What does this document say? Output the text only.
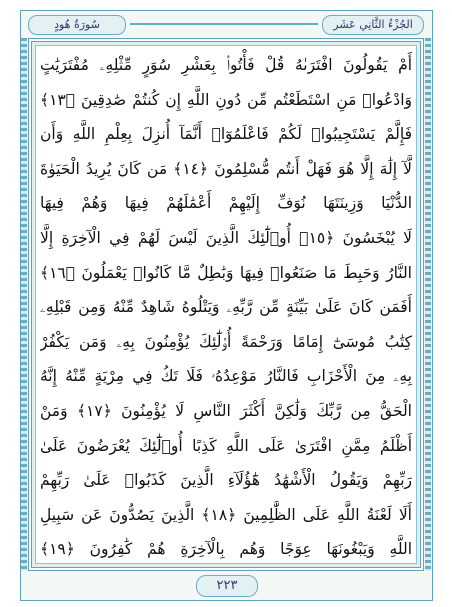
سُورَةُ هُودٍ	الجُزْءُ الثَّانِي عَشَر
أَمْ يَقُولُونَ افْتَرَىٰهُ قُلْ فَأْتُوا۟ بِعَشْرِ سُوَرٍ مِّثْلِهِۦ مُفْتَرَيَٰتٍ
وَادْعُوا۟ مَنِ اسْتَطَعْتُم مِّن دُونِ اللَّهِ إِن كُنتُمْ صَٰدِقِينَ ﴿١٣﴾
فَإِلَّمْ يَسْتَجِيبُوا۟ لَكُمْ فَاعْلَمُوٓا۟ أَنَّمَآ أُنزِلَ بِعِلْمِ اللَّهِ وَأَن
لَّآ إِلَٰهَ إِلَّا هُوَ فَهَلْ أَنتُم مُّسْلِمُونَ ﴿١٤﴾ مَن كَانَ يُرِيدُ الْحَيَوٰةَ
الدُّنْيَا وَزِينَتَهَا نُوَفِّ إِلَيْهِمْ أَعْمَٰلَهُمْ فِيهَا وَهُمْ فِيهَا
لَا يُبْخَسُونَ ﴿١٥﴾ أُو۟لَٰٓئِكَ الَّذِينَ لَيْسَ لَهُمْ فِي الْآخِرَةِ إِلَّا
النَّارُ وَحَبِطَ مَا صَنَعُوا۟ فِيهَا وَبَٰطِلٌ مَّا كَانُوا۟ يَعْمَلُونَ ﴿١٦﴾
أَفَمَن كَانَ عَلَىٰ بَيِّنَةٍ مِّن رَّبِّهِۦ وَيَتْلُوهُ شَاهِدٌ مِّنْهُ وَمِن قَبْلِهِۦ
كِتَٰبُ مُوسَىٰٓ إِمَامًا وَرَحْمَةً أُو۟لَٰٓئِكَ يُؤْمِنُونَ بِهِۦ وَمَن يَكْفُرْ
بِهِۦ مِنَ الْأَحْزَابِ فَالنَّارُ مَوْعِدُهُۥ فَلَا تَكُ فِي مِرْيَةٍ مِّنْهُ إِنَّهُ
الْحَقُّ مِن رَّبِّكَ وَلَٰكِنَّ أَكْثَرَ النَّاسِ لَا يُؤْمِنُونَ ﴿١٧﴾ وَمَنْ
أَظْلَمُ مِمَّنِ افْتَرَىٰ عَلَى اللَّهِ كَذِبًا أُو۟لَٰٓئِكَ يُعْرَضُونَ عَلَىٰ
رَبِّهِمْ وَيَقُولُ الْأَشْهَٰدُ هَٰٓؤُلَآءِ الَّذِينَ كَذَبُوا۟ عَلَىٰ رَبِّهِمْ
أَلَا لَعْنَةُ اللَّهِ عَلَى الظَّٰلِمِينَ ﴿١٨﴾ الَّذِينَ يَصُدُّونَ عَن سَبِيلِ
اللَّهِ وَيَبْغُونَهَا عِوَجًا وَهُم بِالْآخِرَةِ هُمْ كَٰفِرُونَ ﴿١٩﴾
٢٢٣
